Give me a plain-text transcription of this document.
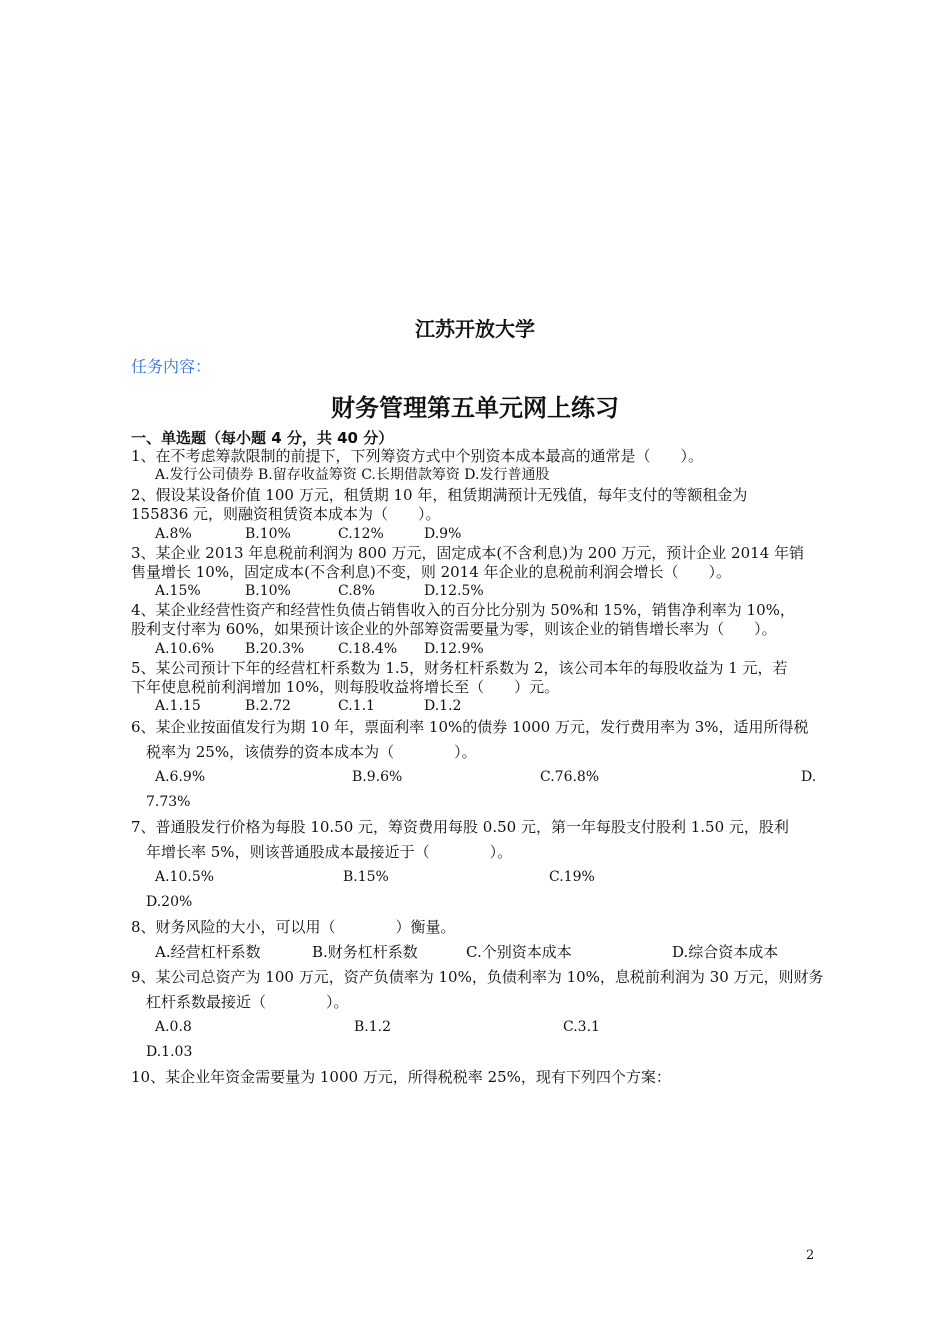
江苏开放大学
任务内容：
财务管理第五单元网上练习
一、单选题（每小题 4 分，共 40 分）
1、在不考虑筹款限制的前提下，下列筹资方式中个别资本成本最高的通常是（　　）。
A.发行公司债券 B.留存收益筹资 C.长期借款筹资 D.发行普通股
2、假设某设备价值 100 万元，租赁期 10 年，租赁期满预计无残值，每年支付的等额租金为
155836 元，则融资租赁资本成本为（　　）。
A.8%	B.10%	C.12%	D.9%
3、某企业 2013 年息税前利润为 800 万元，固定成本(不含利息)为 200 万元，预计企业 2014 年销
售量增长 10%，固定成本(不含利息)不变，则 2014 年企业的息税前利润会增长（　　）。
A.15%	B.10%	C.8%	D.12.5%
4、某企业经营性资产和经营性负债占销售收入的百分比分别为 50%和 15%，销售净利率为 10%，
股利支付率为 60%，如果预计该企业的外部筹资需要量为零，则该企业的销售增长率为（　　）。
A.10.6% B.20.3% C.18.4% D.12.9%
5、某公司预计下年的经营杠杆系数为 1.5，财务杠杆系数为 2，该公司本年的每股收益为 1 元，若
下年使息税前利润增加 10%，则每股收益将增长至（　　）元。
A.1.15	B.2.72	C.1.1	D.1.2
6、某企业按面值发行为期 10 年，票面利率 10%的债券 1000 万元，发行费用率为 3%，适用所得税
税率为 25%，该债券的资本成本为（　　　　）。
A.6.9%	B.9.6%	C.76.8%	D.
7.73%
7、普通股发行价格为每股 10.50 元，筹资费用每股 0.50 元，第一年每股支付股利 1.50 元，股利
年增长率 5%，则该普通股成本最接近于（　　　　）。
A.10.5%	B.15%	C.19%
D.20%
8、财务风险的大小，可以用（　　　　）衡量。
A.经营杠杆系数	B.财务杠杆系数	C.个别资本成本	D.综合资本成本
9、某公司总资产为 100 万元，资产负债率为 10%，负债利率为 10%，息税前利润为 30 万元，则财务
杠杆系数最接近（　　　　）。
A.0.8	B.1.2	C.3.1
D.1.03
10、某企业年资金需要量为 1000 万元，所得税税率 25%，现有下列四个方案：
2
